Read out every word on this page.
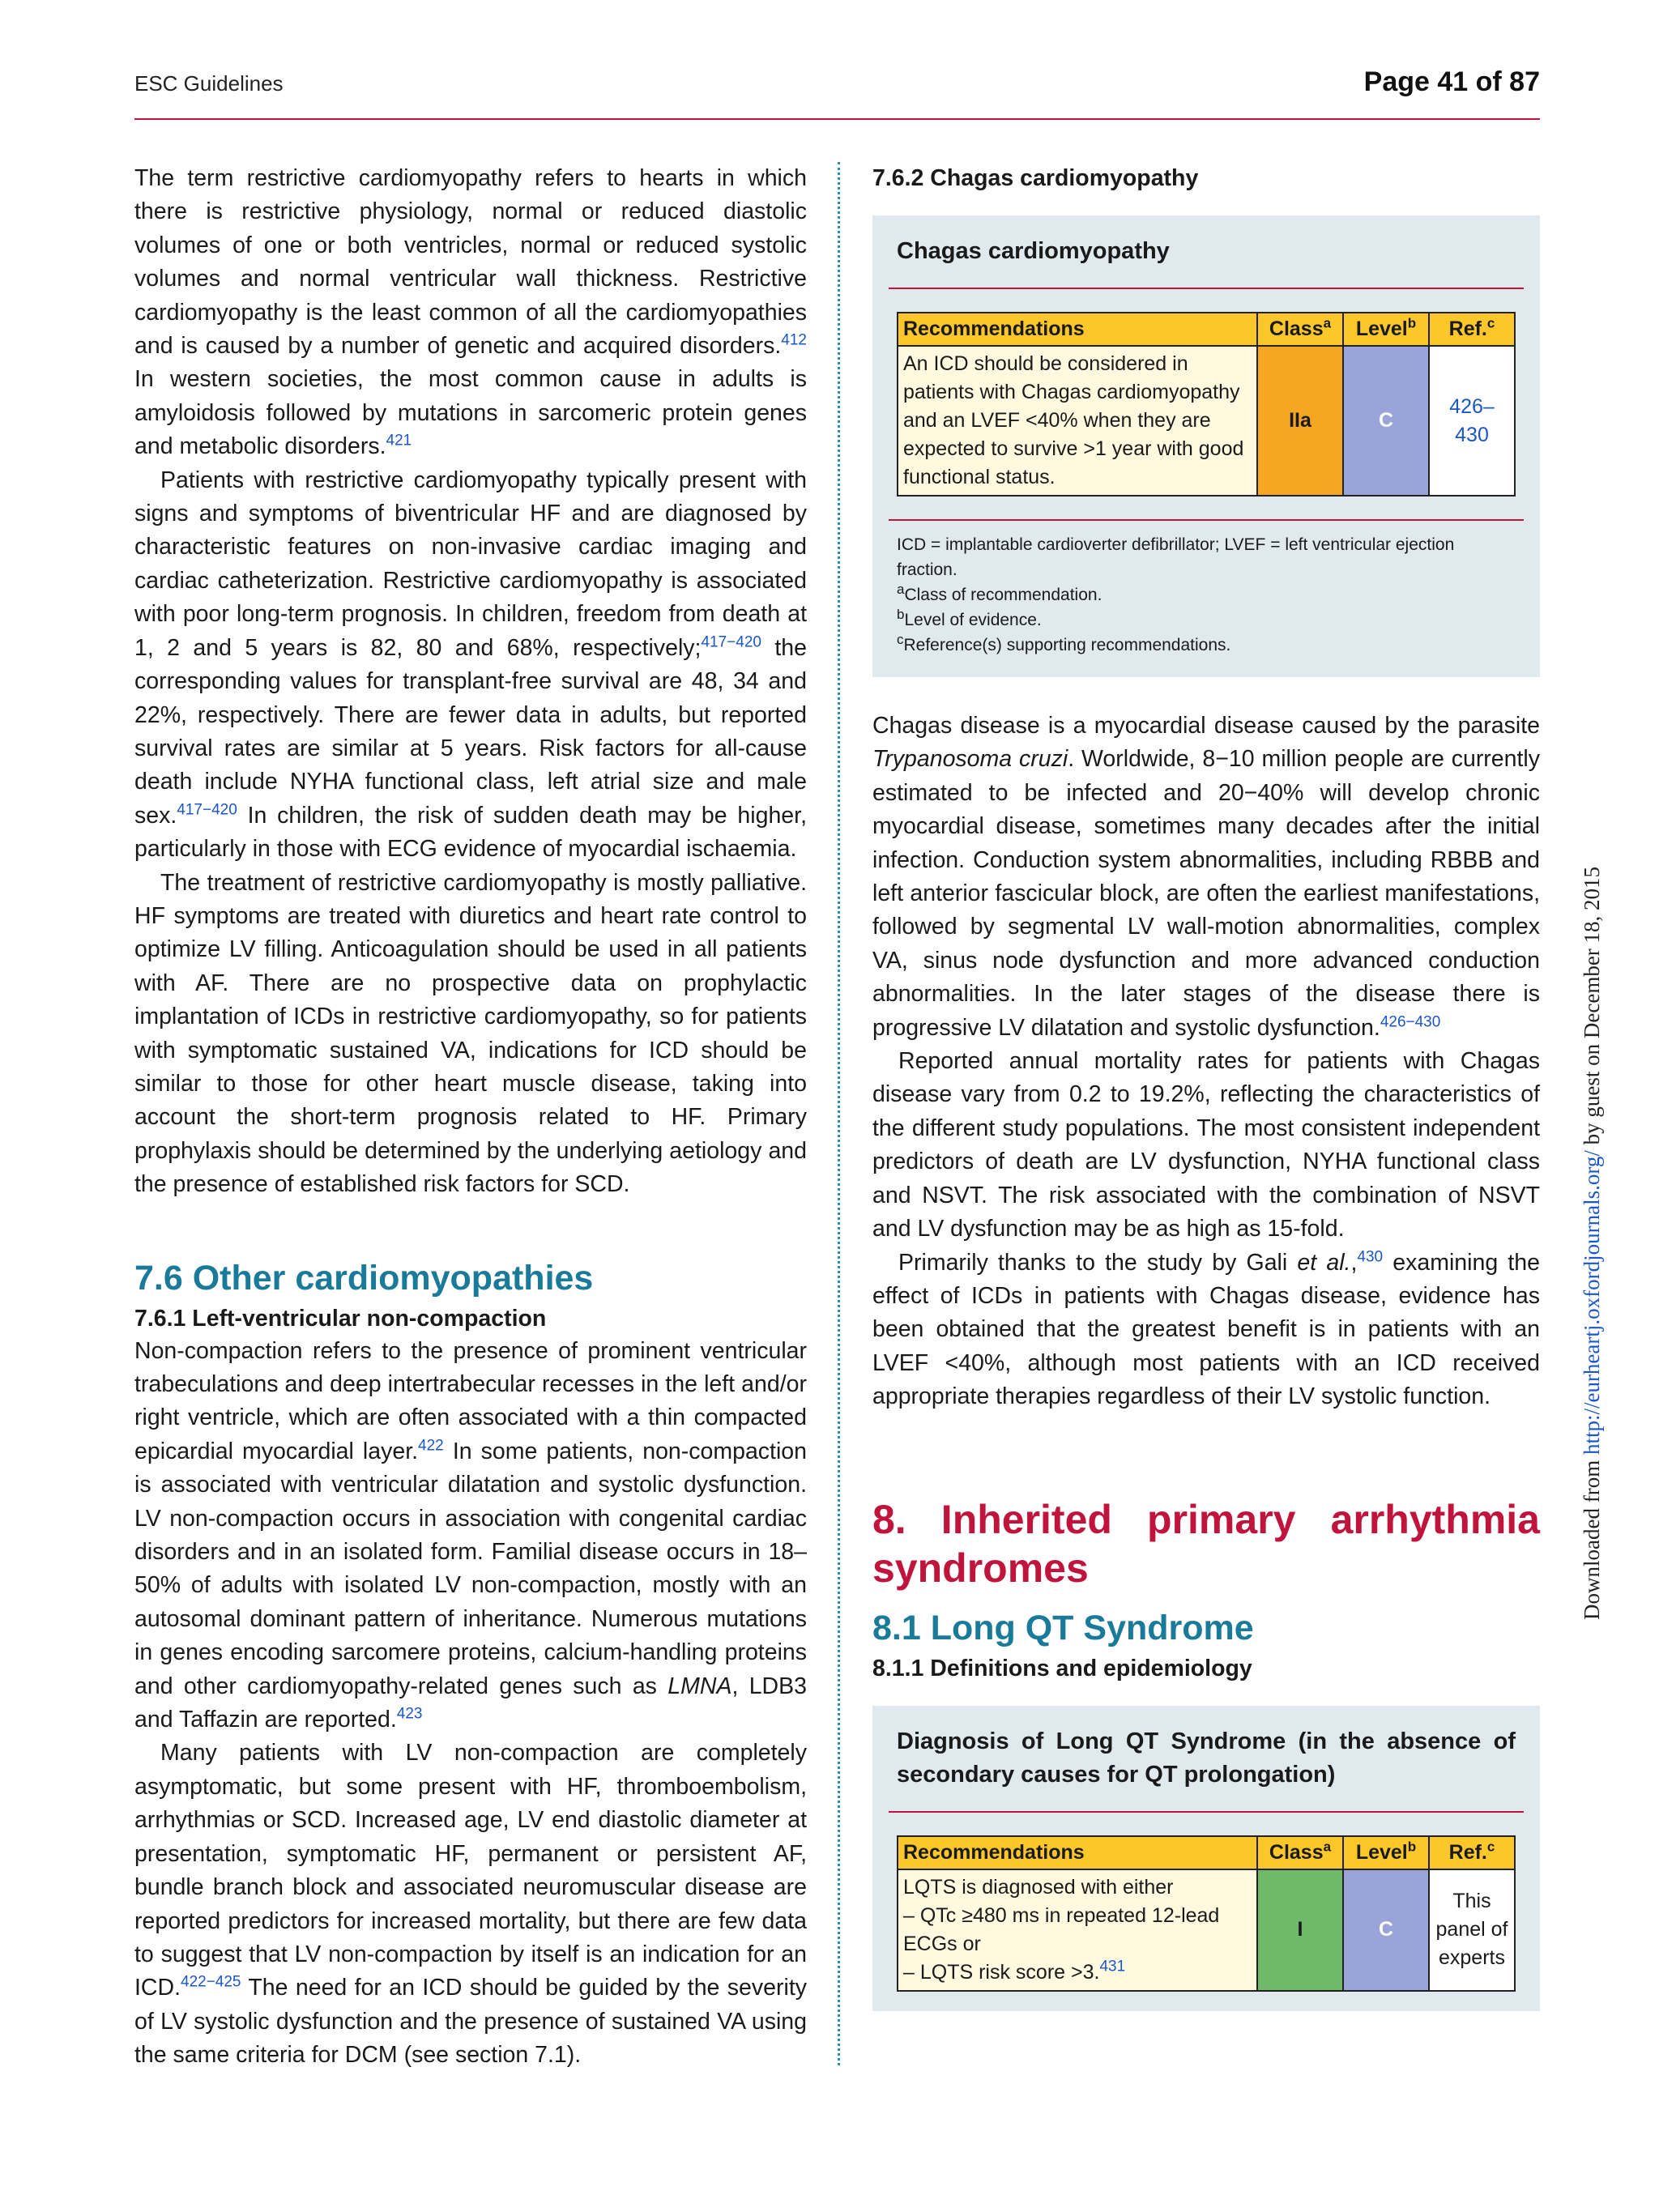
ESC Guidelines	Page 41 of 87

The term restrictive cardiomyopathy refers to hearts in which there is restrictive physiology, normal or reduced diastolic volumes of one or both ventricles, normal or reduced systolic volumes and normal ventricular wall thickness. Restrictive cardiomyopathy is the least common of all the cardiomyopathies and is caused by a number of genetic and acquired disorders.$^{412}$ In western societies, the most common cause in adults is amyloidosis followed by mutations in sarcomeric protein genes and metabolic disorders.$^{421}$

Patients with restrictive cardiomyopathy typically present with signs and symptoms of biventricular HF and are diagnosed by characteristic features on non-invasive cardiac imaging and cardiac catheterization. Restrictive cardiomyopathy is associated with poor long-term prognosis. In children, freedom from death at 1, 2 and 5 years is 82, 80 and 68%, respectively;$^{417-420}$ the corresponding values for transplant-free survival are 48, 34 and 22%, respectively. There are fewer data in adults, but reported survival rates are similar at 5 years. Risk factors for all-cause death include NYHA functional class, left atrial size and male sex.$^{417-420}$ In children, the risk of sudden death may be higher, particularly in those with ECG evidence of myocardial ischaemia.

The treatment of restrictive cardiomyopathy is mostly palliative. HF symptoms are treated with diuretics and heart rate control to optimize LV filling. Anticoagulation should be used in all patients with AF. There are no prospective data on prophylactic implantation of ICDs in restrictive cardiomyopathy, so for patients with symptomatic sustained VA, indications for ICD should be similar to those for other heart muscle disease, taking into account the short-term prognosis related to HF. Primary prophylaxis should be determined by the underlying aetiology and the presence of established risk factors for SCD.

7.6 Other cardiomyopathies
7.6.1 Left-ventricular non-compaction

Non-compaction refers to the presence of prominent ventricular trabeculations and deep intertrabecular recesses in the left and/or right ventricle, which are often associated with a thin compacted epicardial myocardial layer.$^{422}$ In some patients, non-compaction is associated with ventricular dilatation and systolic dysfunction. LV non-compaction occurs in association with congenital cardiac disorders and in an isolated form. Familial disease occurs in 18–50% of adults with isolated LV non-compaction, mostly with an autosomal dominant pattern of inheritance. Numerous mutations in genes encoding sarcomere proteins, calcium-handling proteins and other cardiomyopathy-related genes such as LMNA, LDB3 and Taffazin are reported.$^{423}$

Many patients with LV non-compaction are completely asymptomatic, but some present with HF, thromboembolism, arrhythmias or SCD. Increased age, LV end diastolic diameter at presentation, symptomatic HF, permanent or persistent AF, bundle branch block and associated neuromuscular disease are reported predictors for increased mortality, but there are few data to suggest that LV non-compaction by itself is an indication for an ICD.$^{422-425}$ The need for an ICD should be guided by the severity of LV systolic dysfunction and the presence of sustained VA using the same criteria for DCM (see section 7.1).

7.6.2 Chagas cardiomyopathy
Chagas cardiomyopathy
Recommendations	Class$^a$	Level$^b$	Ref.$^c$
An ICD should be considered in patients with Chagas cardiomyopathy and an LVEF <40% when they are expected to survive >1 year with good functional status.	IIa	C	426–430
ICD = implantable cardioverter defibrillator; LVEF = left ventricular ejection fraction.
$^a$Class of recommendation.
$^b$Level of evidence.
$^c$Reference(s) supporting recommendations.

Chagas disease is a myocardial disease caused by the parasite Trypanosoma cruzi. Worldwide, 8−10 million people are currently estimated to be infected and 20−40% will develop chronic myocardial disease, sometimes many decades after the initial infection. Conduction system abnormalities, including RBBB and left anterior fascicular block, are often the earliest manifestations, followed by segmental LV wall-motion abnormalities, complex VA, sinus node dysfunction and more advanced conduction abnormalities. In the later stages of the disease there is progressive LV dilatation and systolic dysfunction.$^{426-430}$

Reported annual mortality rates for patients with Chagas disease vary from 0.2 to 19.2%, reflecting the characteristics of the different study populations. The most consistent independent predictors of death are LV dysfunction, NYHA functional class and NSVT. The risk associated with the combination of NSVT and LV dysfunction may be as high as 15-fold.

Primarily thanks to the study by Gali et al.,$^{430}$ examining the effect of ICDs in patients with Chagas disease, evidence has been obtained that the greatest benefit is in patients with an LVEF <40%, although most patients with an ICD received appropriate therapies regardless of their LV systolic function.

8. Inherited primary arrhythmia syndromes
8.1 Long QT Syndrome
8.1.1 Definitions and epidemiology
Diagnosis of Long QT Syndrome (in the absence of secondary causes for QT prolongation)
Recommendations	Class$^a$	Level$^b$	Ref.$^c$

LQTS is diagnosed with either
– QTc ≥480 ms in repeated 12-lead ECGs or
– LQTS risk score >3.$^{431}$	I	C	This panel of experts
Downloaded from http://eurheartj.oxfordjournals.org/ by guest on December 18, 2015
